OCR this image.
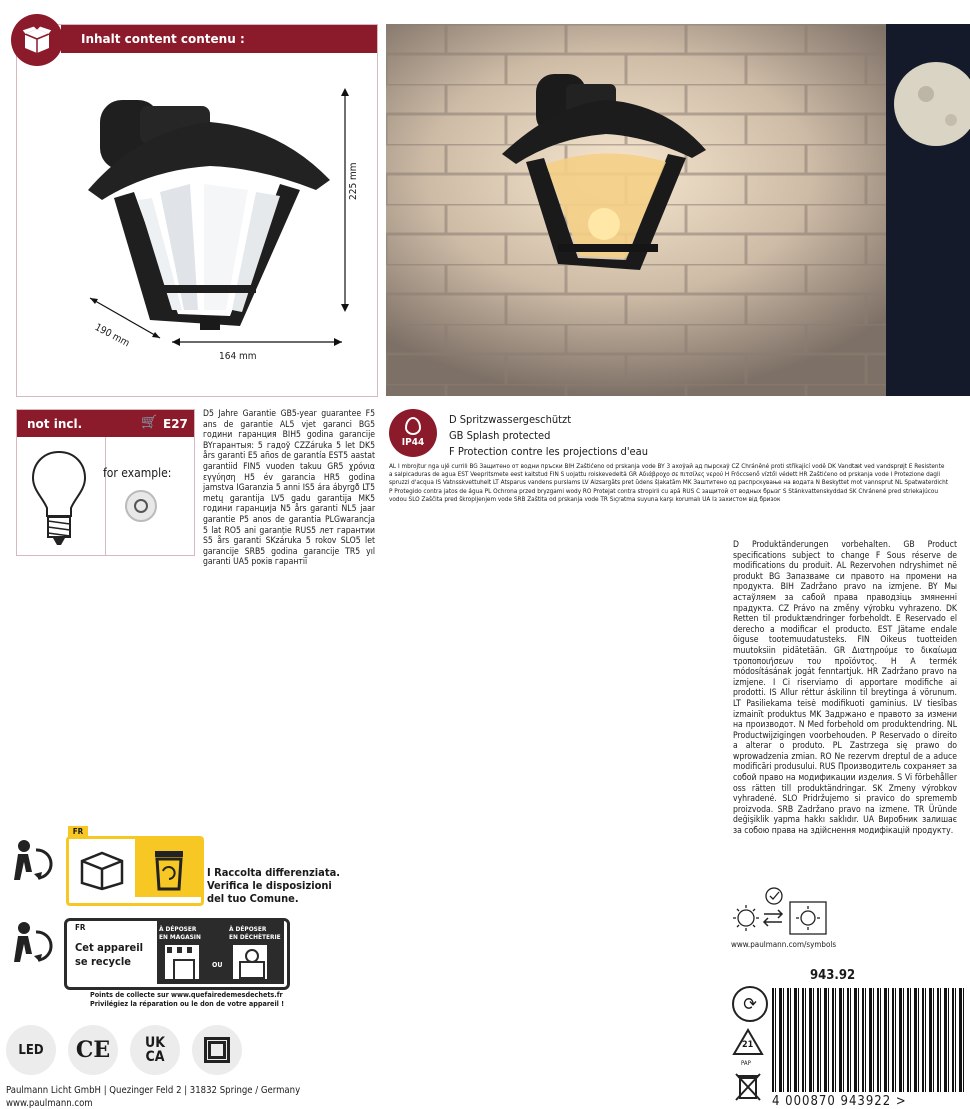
Inhalt content contenu :
225 mm
190 mm
164 mm
not incl.	🛒 E27
for example:
D5 Jahre Garantie GB5-year guarantee F5 ans de garantie AL5 vjet garanci BG5 години гаранция BIH5 godina garancije BYгарантыя: 5 гадоў CZZáruka 5 let DK5 års garanti E5 años de garantía EST5 aastat garantiid FIN5 vuoden takuu GR5 χρόνια εγγύηση H5 év garancia HR5 godina jamstva IGaranzia 5 anni IS5 ára ábyrgð LT5 metų garantija LV5 gadu garantija MK5 години гаранција N5 års garanti NL5 jaar garantie P5 anos de garantia PLGwarancja 5 lat RO5 ani garanție RUS5 лет гарантии S5 års garanti SKzáruka 5 rokov SLO5 let garancije SRB5 godina garancije TR5 yıl garanti UA5 років гарантії
IP44
D Spritzwassergeschützt
GB Splash protected
F Protection contre les projections d'eau
AL I mbrojtur nga ujë currili BG Защитено от водни пръски BIH Zaštićeno od prskanja vode BY 3 ахоўай ад пырскаў CZ Chráněné proti stříkající vodě DK Vandtæt ved vandsprøjt E Resistente a salpicaduras de agua EST Veepritsmete eest kaitstud FIN S uojattu roiskevedeltä GR Αδιάβροχο σε πιτσίλες νερού H Fröccsenő víztől védett HR Zaštićeno od prskanja vode I Protezione dagli spruzzi d'acqua IS Vatnsskvettuhelt LT Atsparus vandens purslams LV Aizsargāts pret ūdens šļakatām MK Заштитено од распрскување на водата N Beskyttet mot vannsprut NL Spatwaterdicht P Protegido contra jatos de água PL Ochrona przed bryzgami wody RO Protejat contra stropirii cu apă RUS С защитой от водных брызг S Stänkvattenskyddad SK Chránené pred striekajúcou vodou SLO Zaščita pred škropljenjem vode SRB Zaštita od prskanja vode TR Sıçratma suyuna karşı korumalı UA Із захистом від бризок
D Produktänderungen vorbehalten. GB Product specifications subject to change F Sous réserve de modifications du produit. AL Rezervohen ndryshimet në produkt BG Запазваме си правото на промени на продукта. BIH Zadržano pravo na izmjene. BY Мы астаўляем за сабой права праводзіць змяненні прадукта. CZ Právo na změny výrobku vyhrazeno. DK Retten til produktændringer forbeholdt. E Reservado el derecho a modificar el producto. EST Jätame endale õiguse tootemuudatusteks. FIN Oikeus tuotteiden muutoksiin pidätetään. GR Διατηρούμε το δικαίωμα τροποποιήσεων του προϊόντος. H A termék módosításának jogát fenntartjuk. HR Zadržano pravo na izmjene. I Ci riserviamo di apportare modifiche ai prodotti. IS Allur réttur áskilinn til breytinga á vörunum. LT Pasiliekama teisė modifikuoti gaminius. LV tiesības izmainīt produktus MK Задржано е правото за измени на производот. N Med forbehold om produktendring. NL Productwijzigingen voorbehouden. P Reservado o direito a alterar o produto. PL Zastrzega się prawo do wprowadzenia zmian. RO Ne rezervm dreptul de a aduce modificări produsului. RUS Производитель сохраняет за собой право на модификации изделия. S Vi förbehåller oss rätten till produktändringar. SK Zmeny výrobkov vyhradené. SLO Pridržujemo si pravico do sprememb proizvoda. SRB Zadržano pravo na izmene. TR Üründe değişiklik yapma hakkı saklıdır. UA Виробник залишає за собою права на здійснення модифікацій продукту.
FR
I Raccolta differenziata.
Verifica le disposizioni
del tuo Comune.
FR
Cet appareil
se recycle
À DÉPOSER
EN MAGASIN
OU
À DÉPOSER
EN DÉCHÈTERIE
Points de collecte sur www.quefairedemesdechets.fr
Privilégiez la réparation ou le don de votre appareil !
LED CE UK
CA
Paulmann Licht GmbH | Quezinger Feld 2 | 31832 Springe / Germany
www.paulmann.com
www.paulmann.com/symbols
943.92
⟳
21
PAP
4 000870 943922 >
